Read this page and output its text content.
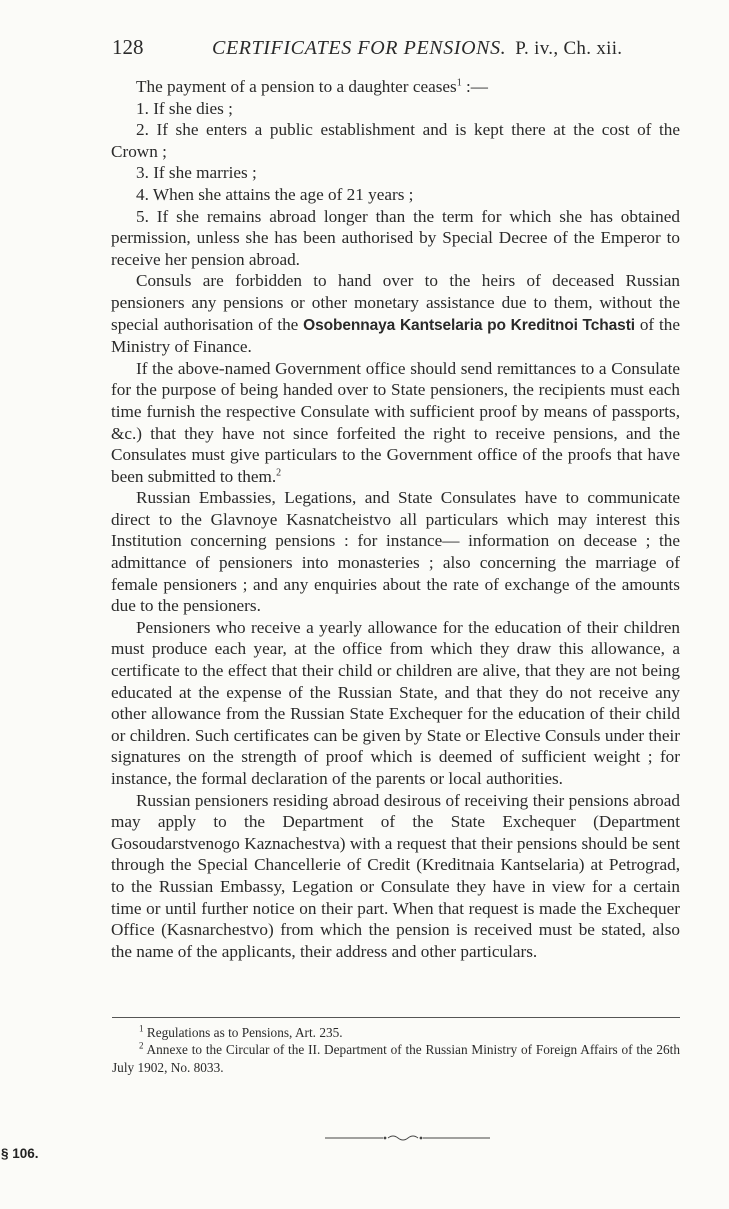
128	CERTIFICATES FOR PENSIONS. P. iv., Ch. xii.

The payment of a pension to a daughter ceases$^1$ :—

1. If she dies ;

2. If she enters a public establishment and is kept there at the cost of the Crown ;

3. If she marries ;

4. When she attains the age of 21 years ;

5. If she remains abroad longer than the term for which she has obtained permission, unless she has been authorised by Special Decree of the Emperor to receive her pension abroad.

Consuls are forbidden to hand over to the heirs of deceased Russian pensioners any pensions or other monetary assistance due to them, without the special authorisation of the Osobennaya Kantselaria po Kreditnoi Tchasti of the Ministry of Finance.

If the above-named Government office should send remittances to a Consulate for the purpose of being handed over to State pensioners, the recipients must each time furnish the respective Consulate with sufficient proof by means of passports, &c.) that they have not since forfeited the right to receive pensions, and the Consulates must give particulars to the Government office of the proofs that have been submitted to them.$^2$

Russian Embassies, Legations, and State Consulates have to communicate direct to the Glavnoye Kasnatcheistvo all particulars which may interest this Institution concerning pensions : for instance— information on decease ; the admittance of pensioners into monasteries ; also concerning the marriage of female pensioners ; and any enquiries about the rate of exchange of the amounts due to the pensioners.

Pensioners who receive a yearly allowance for the education of their children must produce each year, at the office from which they draw this allowance, a certificate to the effect that their child or children are alive, that they are not being educated at the expense of the Russian State, and that they do not receive any other allowance from the Russian State Exchequer for the education of their child or children. Such certificates can be given by State or Elective Consuls under their signatures on the strength of proof which is deemed of sufficient weight ; for instance, the formal declaration of the parents or local authorities.

Russian pensioners residing abroad desirous of receiving their pensions abroad may apply to the Department of the State Exchequer (Department Gosoudarstvenogo Kaznachestva) with a request that their pensions should be sent through the Special Chancellerie of Credit (Kreditnaia Kantselaria) at Petrograd, to the Russian Embassy, Legation or Consulate they have in view for a certain time or until further notice on their part. When that request is made the Exchequer Office (Kasnarchestvo) from which the pension is received must be stated, also the name of the applicants, their address and other particulars.

$^1$ Regulations as to Pensions, Art. 235.

$^2$ Annexe to the Circular of the II. Department of the Russian Ministry of Foreign Affairs of the 26th July 1902, No. 8033.

§ 106.
